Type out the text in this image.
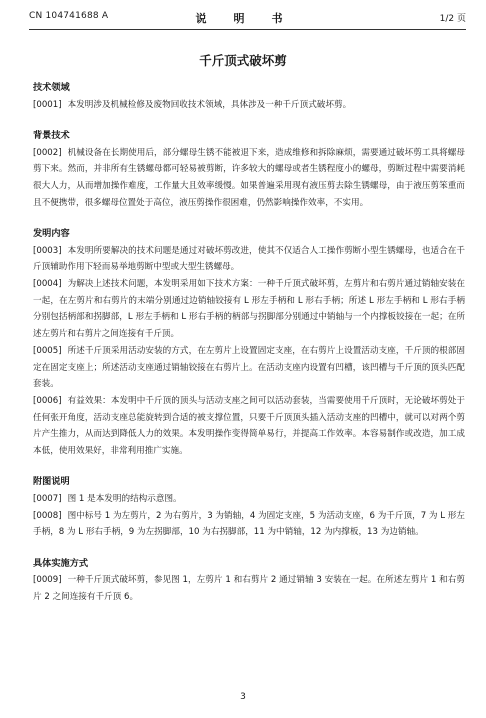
CN 104741688 A	说　明　书	1/2 页
千斤顶式破坏剪
技术领域
[0001] 本发明涉及机械检修及废物回收技术领域，具体涉及一种千斤顶式破坏剪。
背景技术
[0002] 机械设备在长期使用后，部分螺母生锈不能被退下来，造成维修和拆除麻烦，需要通过破坏剪工具将螺母剪下来。然而，并非所有生锈螺母都可轻易被剪断，许多较大的螺母或者生锈程度小的螺母，剪断过程中需要消耗很大人力，从而增加操作难度，工作量大且效率缓慢。如果普遍采用现有液压剪去除生锈螺母，由于液压剪笨重而且不便携带，很多螺母位置处于高位，液压剪操作很困难，仍然影响操作效率，不实用。
发明内容
[0003] 本发明所要解决的技术问题是通过对破坏剪改进，使其不仅适合人工操作剪断小型生锈螺母，也适合在千斤顶辅助作用下轻而易举地剪断中型或大型生锈螺母。
[0004] 为解决上述技术问题，本发明采用如下技术方案：一种千斤顶式破坏剪，左剪片和右剪片通过销轴安装在一起，在左剪片和右剪片的末端分别通过边销轴铰接有 L 形左手柄和 L 形右手柄；所述 L 形左手柄和 L 形右手柄分别包括柄部和拐脚部，L 形左手柄和 L 形右手柄的柄部与拐脚部分别通过中销轴与一个内撑板铰接在一起；在所述左剪片和右剪片之间连接有千斤顶。
[0005] 所述千斤顶采用活动安装的方式，在左剪片上设置固定支座，在右剪片上设置活动支座，千斤顶的根部固定在固定支座上；所述活动支座通过销轴铰接在右剪片上。在活动支座内设置有凹槽，该凹槽与千斤顶的顶头匹配套装。
[0006] 有益效果：本发明中千斤顶的顶头与活动支座之间可以活动套装，当需要使用千斤顶时，无论破坏剪处于任何张开角度，活动支座总能旋转到合适的被支撑位置，只要千斤顶顶头插入活动支座的凹槽中，就可以对两个剪片产生推力，从而达到降低人力的效果。本发明操作变得简单易行，并提高工作效率。本容易制作或改造，加工成本低，使用效果好，非常利用推广实施。
附图说明
[0007] 图 1 是本发明的结构示意图。
[0008] 图中标号 1 为左剪片，2 为右剪片，3 为销轴，4 为固定支座，5 为活动支座，6 为千斤顶，7 为 L 形左手柄，8 为 L 形右手柄，9 为左拐脚部，10 为右拐脚部，11 为中销轴，12 为内撑板，13 为边销轴。
具体实施方式
[0009] 一种千斤顶式破坏剪，参见图 1，左剪片 1 和右剪片 2 通过销轴 3 安装在一起。在所述左剪片 1 和右剪片 2 之间连接有千斤顶 6。
3
